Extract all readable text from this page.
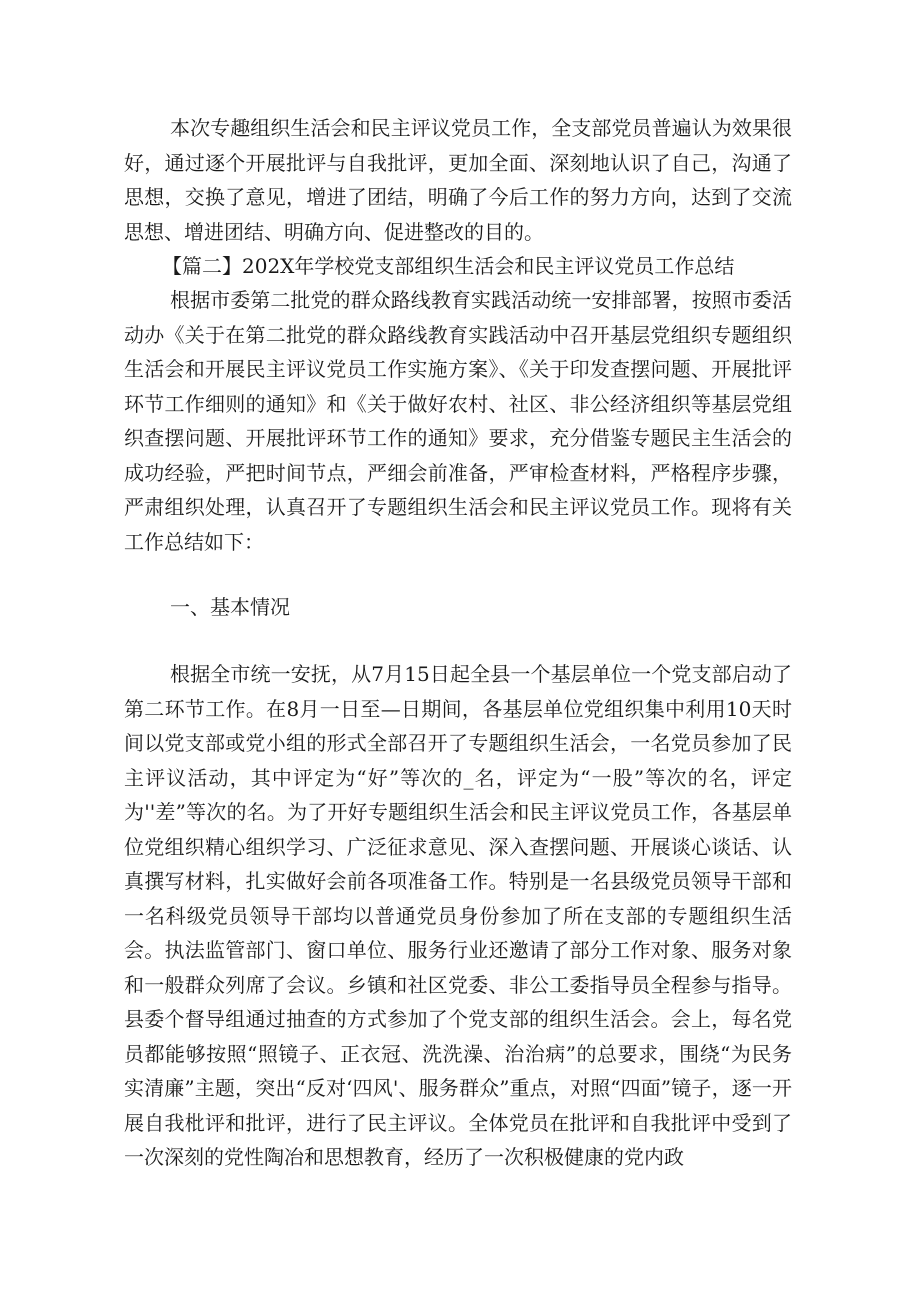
本次专趣组织生活会和民主评议党员工作，全支部党员普遍认为效果很好，通过逐个开展批评与自我批评，更加全面、深刻地认识了自己，沟通了思想，交换了意见，增进了团结，明确了今后工作的努力方向，达到了交流思想、增进团结、明确方向、促进整改的目的。

【篇二】202X年学校党支部组织生活会和民主评议党员工作总结

根据市委第二批党的群众路线教育实践活动统一安排部署，按照市委活动办《关于在第二批党的群众路线教育实践活动中召开基层党组织专题组织生活会和开展民主评议党员工作实施方案》、《关于印发查摆问题、开展批评环节工作细则的通知》和《关于做好农村、社区、非公经济组织等基层党组织查摆问题、开展批评环节工作的通知》要求，充分借鉴专题民主生活会的成功经验，严把时间节点，严细会前准备，严审检查材料，严格程序步骤，严肃组织处理，认真召开了专题组织生活会和民主评议党员工作。现将有关工作总结如下：

一、基本情况

根据全市统一安抚，从7月15日起全县一个基层单位一个党支部启动了第二环节工作。在8月一日至—日期间，各基层单位党组织集中利用10天时间以党支部或党小组的形式全部召开了专题组织生活会，一名党员参加了民主评议活动，其中评定为“好”等次的_名，评定为“一股”等次的名，评定为''差”等次的名。为了开好专题组织生活会和民主评议党员工作，各基层单位党组织精心组织学习、广泛征求意见、深入查摆问题、开展谈心谈话、认真撰写材料，扎实做好会前各项准备工作。特别是一名县级党员领导干部和一名科级党员领导干部均以普通党员身份参加了所在支部的专题组织生活会。执法监管部门、窗口单位、服务行业还邀请了部分工作对象、服务对象和一般群众列席了会议。乡镇和社区党委、非公工委指导员全程参与指导。县委个督导组通过抽查的方式参加了个党支部的组织生活会。会上，每名党员都能够按照“照镜子、正衣冠、洗洗澡、治治病”的总要求，围绕“为民务实清廉”主题，突出“反对‘四风'、服务群众”重点，对照“四面”镜子，逐一开展自我枇评和批评，进行了民主评议。全体党员在批评和自我批评中受到了一次深刻的党性陶冶和思想教育，经历了一次积极健康的党内政
